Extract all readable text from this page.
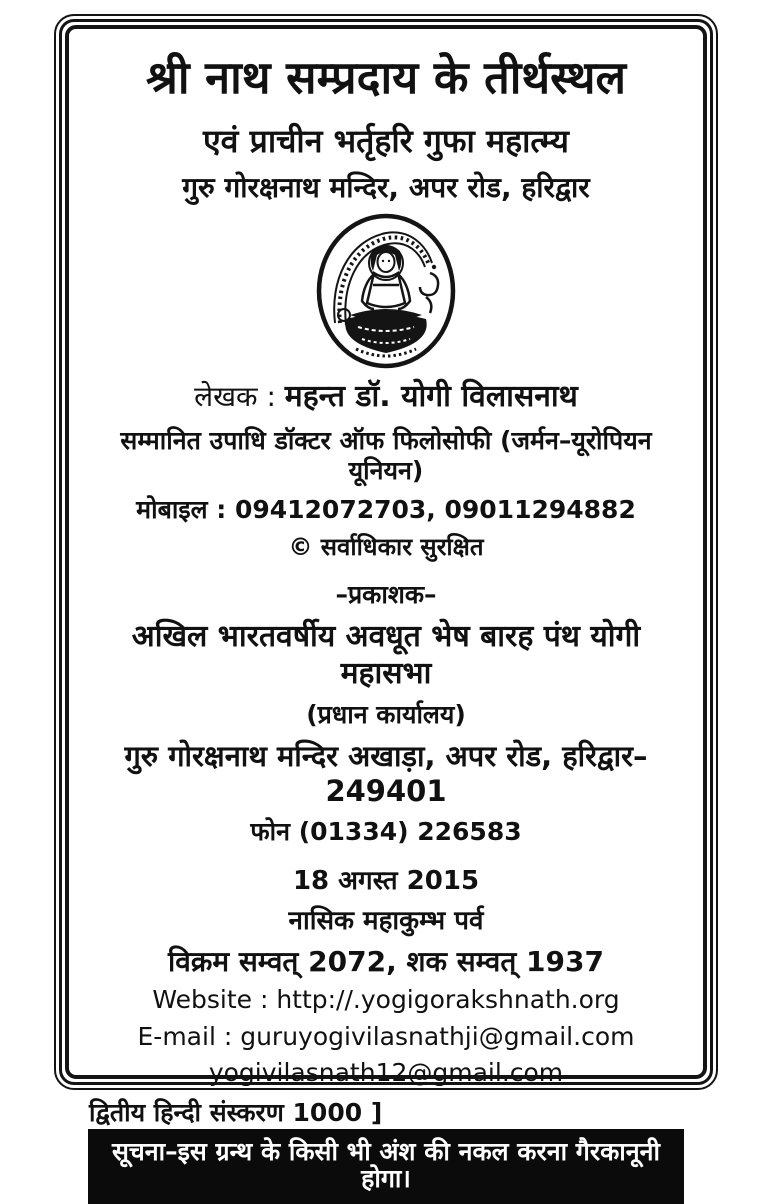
श्री नाथ सम्प्रदाय के तीर्थस्थल
एवं प्राचीन भर्तृहरि गुफा महात्म्य
गुरु गोरक्षनाथ मन्दिर, अपर रोड, हरिद्वार
लेखक : महन्त डॉ. योगी विलासनाथ
सम्मानित उपाधि डॉक्टर ऑफ फिलोसोफी (जर्मन–यूरोपियन यूनियन)
मोबाइल : 09412072703, 09011294882
© सर्वाधिकार सुरक्षित
–प्रकाशक–
अखिल भारतवर्षीय अवधूत भेष बारह पंथ योगी महासभा
(प्रधान कार्यालय)
गुरु गोरक्षनाथ मन्दिर अखाड़ा, अपर रोड, हरिद्वार–249401
फोन (01334) 226583
18 अगस्त 2015
नासिक महाकुम्भ पर्व
विक्रम सम्वत् 2072, शक सम्वत् 1937
Website : http://.yogigorakshnath.org
E-mail : guruyogivilasnathji@gmail.com
yogivilasnath12@gmail.com
द्वितीय हिन्दी संस्करण 1000 ]
सूचना–इस ग्रन्थ के किसी भी अंश की नकल करना गैरकानूनी होगा।
